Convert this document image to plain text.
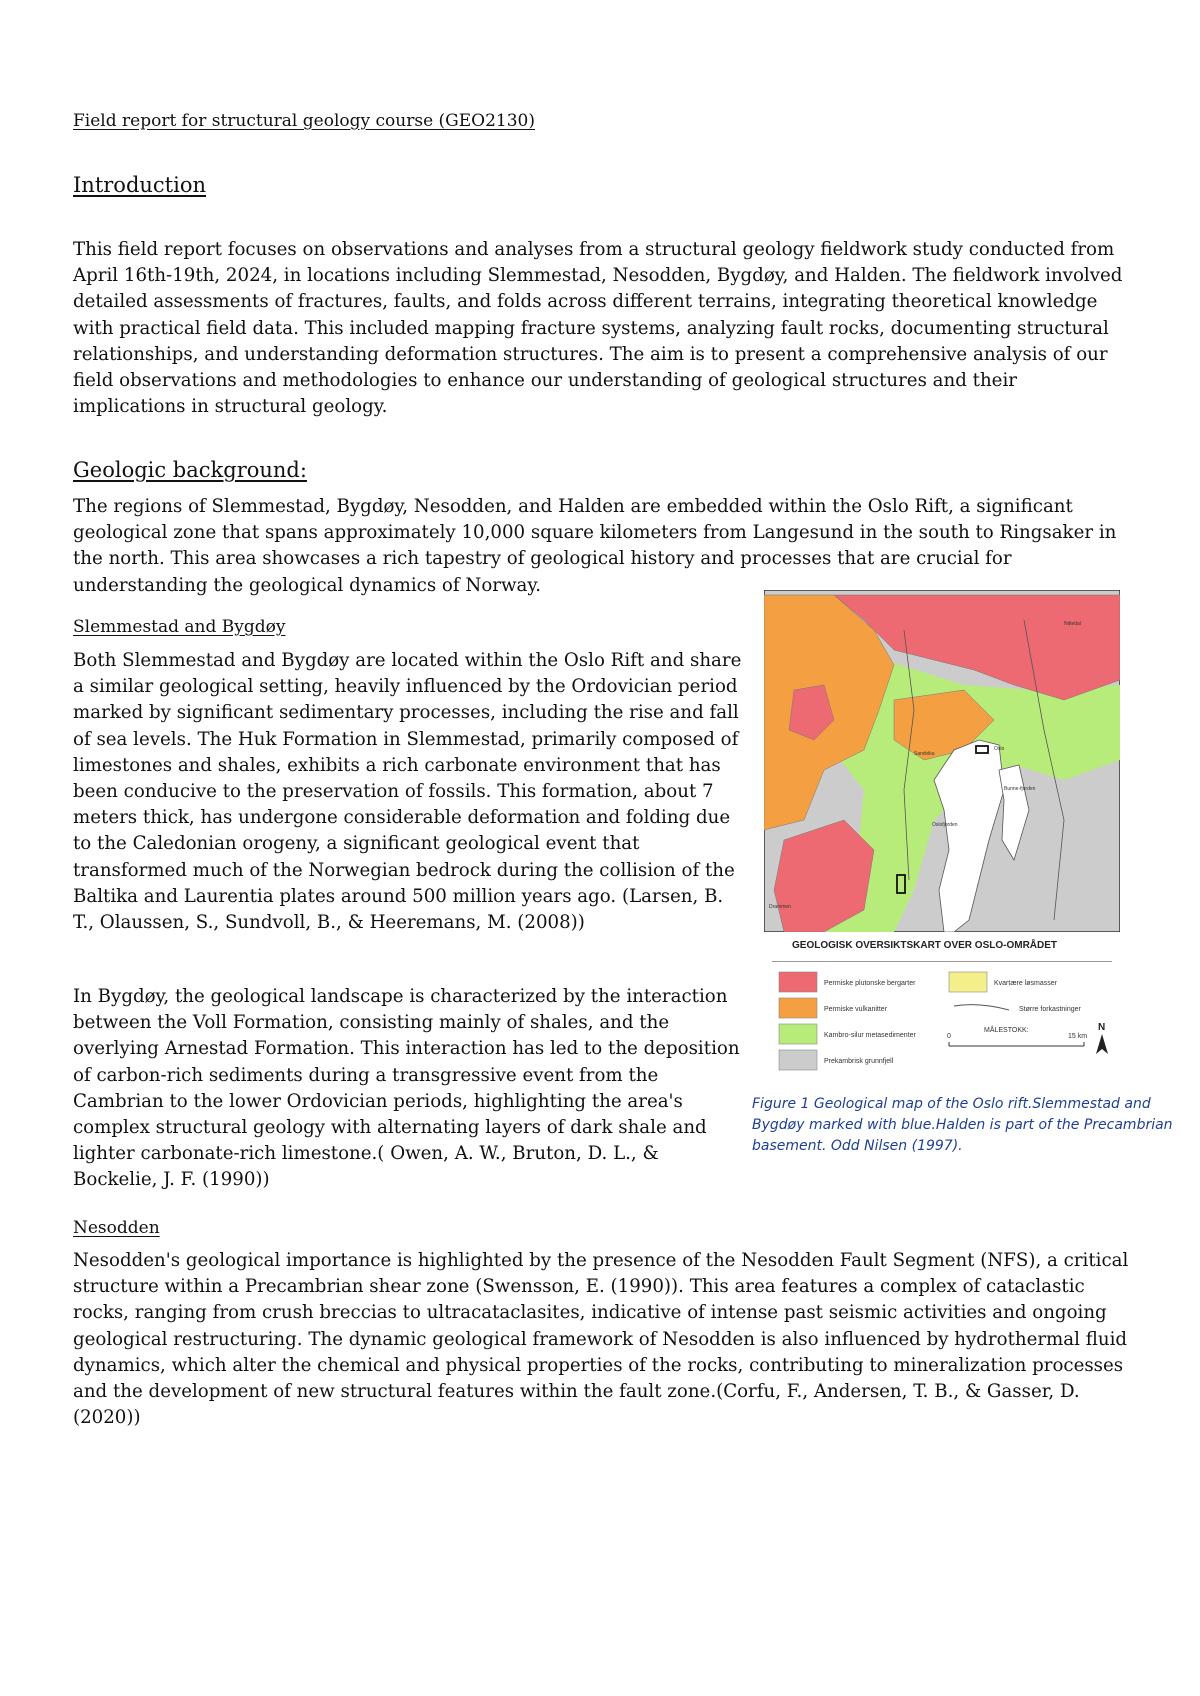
Field report for structural geology course (GEO2130)
Introduction
This field report focuses on observations and analyses from a structural geology fieldwork study conducted from April 16th-19th, 2024, in locations including Slemmestad, Nesodden, Bygdøy, and Halden. The fieldwork involved detailed assessments of fractures, faults, and folds across different terrains, integrating theoretical knowledge with practical field data. This included mapping fracture systems, analyzing fault rocks, documenting structural relationships, and understanding deformation structures. The aim is to present a comprehensive analysis of our field observations and methodologies to enhance our understanding of geological structures and their implications in structural geology.
Geologic background:
The regions of Slemmestad, Bygdøy, Nesodden, and Halden are embedded within the Oslo Rift, a significant geological zone that spans approximately 10,000 square kilometers from Langesund in the south to Ringsaker in the north. This area showcases a rich tapestry of geological history and processes that are crucial for understanding the geological dynamics of Norway.
Slemmestad and Bygdøy
Both Slemmestad and Bygdøy are located within the Oslo Rift and share a similar geological setting, heavily influenced by the Ordovician period marked by significant sedimentary processes, including the rise and fall of sea levels. The Huk Formation in Slemmestad, primarily composed of limestones and shales, exhibits a rich carbonate environment that has been conducive to the preservation of fossils. This formation, about 7 meters thick, has undergone considerable deformation and folding due to the Caledonian orogeny, a significant geological event that transformed much of the Norwegian bedrock during the collision of the Baltika and Laurentia plates around 500 million years ago. (Larsen, B. T., Olaussen, S., Sundvoll, B., & Heeremans, M. (2008))
In Bygdøy, the geological landscape is characterized by the interaction between the Voll Formation, consisting mainly of shales, and the overlying Arnestad Formation. This interaction has led to the deposition of carbon-rich sediments during a transgressive event from the Cambrian to the lower Ordovician periods, highlighting the area's complex structural geology with alternating layers of dark shale and lighter carbonate-rich limestone.( Owen, A. W., Bruton, D. L., & Bockelie, J. F. (1990))
Nesodden
Nesodden's geological importance is highlighted by the presence of the Nesodden Fault Segment (NFS), a critical structure within a Precambrian shear zone (Swensson, E. (1990)). This area features a complex of cataclastic rocks, ranging from crush breccias to ultracataclasites, indicative of intense past seismic activities and ongoing geological restructuring. The dynamic geological framework of Nesodden is also influenced by hydrothermal fluid dynamics, which alter the chemical and physical properties of the rocks, contributing to mineralization processes and the development of new structural features within the fault zone.(Corfu, F., Andersen, T. B., & Gasser, D. (2020))
Oslo
Bunne-fjorden
Oslofjorden
Sandvika
Drammen
Nittedal
GEOLOGISK OVERSIKTSKART OVER OSLO-OMRÅDET
Permiske plutonske bergarter	Kvartære løsmasser
Permiske vulkanitter	Større forkastninger
Kambro-silur metasedimenter
Prekambrisk grunnfjell
MÅLESTOKK:
0	15 km
N
Figure 1 Geological map of the Oslo rift.Slemmestad and Bygdøy marked with blue.Halden is part of the Precambrian basement. Odd Nilsen (1997).
